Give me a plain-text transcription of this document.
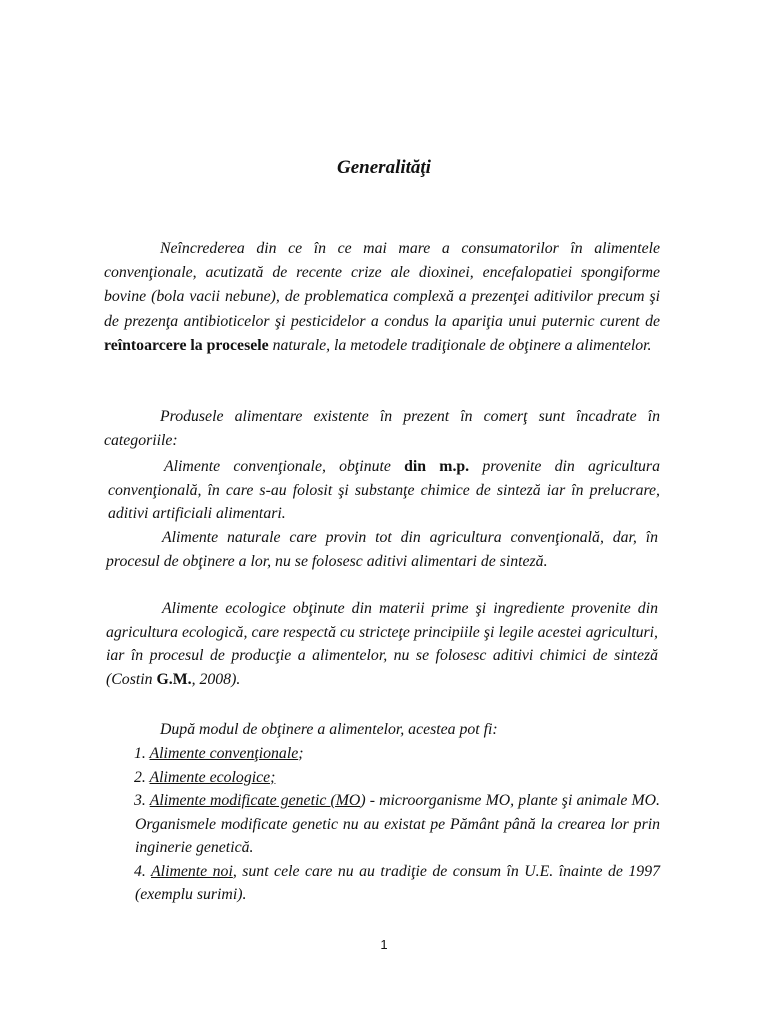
Generalităţi

Neîncrederea din ce în ce mai mare a consumatorilor în alimentele convenţionale, acutizată de recente crize ale dioxinei, encefalopatiei spongiforme bovine (bola vacii nebune), de problematica complexă a prezenţei aditivilor precum şi de prezenţa antibioticelor şi pesticidelor a condus la apariţia unui puternic curent de reîntoarcere la procesele naturale, la metodele tradiţionale de obţinere a alimentelor.

Produsele alimentare existente în prezent în comerţ sunt încadrate în categoriile:

Alimente convenţionale, obţinute din m.p. provenite din agricultura convenţională, în care s-au folosit şi substanţe chimice de sinteză iar în prelucrare, aditivi artificiali alimentari.

Alimente naturale care provin tot din agricultura convenţională, dar, în procesul de obţinere a lor, nu se folosesc aditivi alimentari de sinteză.

Alimente ecologice obţinute din materii prime şi ingrediente provenite din agricultura ecologică, care respectă cu stricteţe principiile şi legile acestei agriculturi, iar în procesul de producţie a alimentelor, nu se folosesc aditivi chimici de sinteză (Costin G.M., 2008).

După modul de obţinere a alimentelor, acestea pot fi:

1. Alimente convenţionale;
2. Alimente ecologice;
3. Alimente modificate genetic (MO) - microorganisme MO, plante şi animale MO. Organismele modificate genetic nu au existat pe Pământ până la crearea lor prin inginerie genetică.
4. Alimente noi, sunt cele care nu au tradiţie de consum în U.E. înainte de 1997 (exemplu surimi).
1
